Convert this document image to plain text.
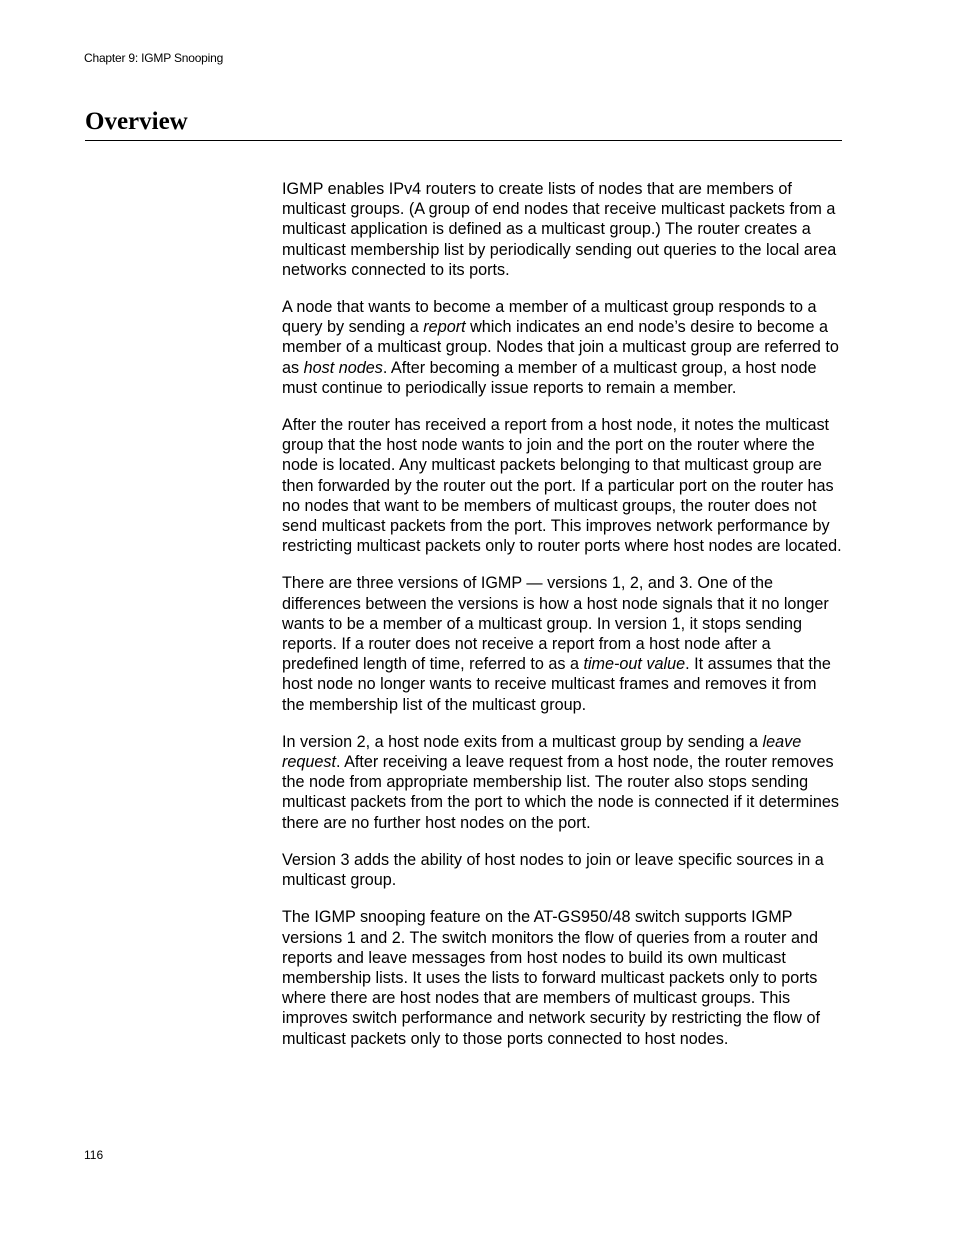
Chapter 9: IGMP Snooping
Overview

IGMP enables IPv4 routers to create lists of nodes that are members of multicast groups. (A group of end nodes that receive multicast packets from a multicast application is defined as a multicast group.) The router creates a multicast membership list by periodically sending out queries to the local area networks connected to its ports.

A node that wants to become a member of a multicast group responds to a query by sending a report which indicates an end node’s desire to become a member of a multicast group. Nodes that join a multicast group are referred to as host nodes. After becoming a member of a multicast group, a host node must continue to periodically issue reports to remain a member.

After the router has received a report from a host node, it notes the multicast group that the host node wants to join and the port on the router where the node is located. Any multicast packets belonging to that multicast group are then forwarded by the router out the port. If a particular port on the router has no nodes that want to be members of multicast groups, the router does not send multicast packets from the port. This improves network performance by restricting multicast packets only to router ports where host nodes are located.

There are three versions of IGMP — versions 1, 2, and 3. One of the differences between the versions is how a host node signals that it no longer wants to be a member of a multicast group. In version 1, it stops sending reports. If a router does not receive a report from a host node after a predefined length of time, referred to as a time-out value. It assumes that the host node no longer wants to receive multicast frames and removes it from the membership list of the multicast group.

In version 2, a host node exits from a multicast group by sending a leave request. After receiving a leave request from a host node, the router removes the node from appropriate membership list. The router also stops sending multicast packets from the port to which the node is connected if it determines there are no further host nodes on the port.

Version 3 adds the ability of host nodes to join or leave specific sources in a multicast group.

The IGMP snooping feature on the AT-GS950/48 switch supports IGMP versions 1 and 2. The switch monitors the flow of queries from a router and reports and leave messages from host nodes to build its own multicast membership lists. It uses the lists to forward multicast packets only to ports where there are host nodes that are members of multicast groups. This improves switch performance and network security by restricting the flow of multicast packets only to those ports connected to host nodes.

116
